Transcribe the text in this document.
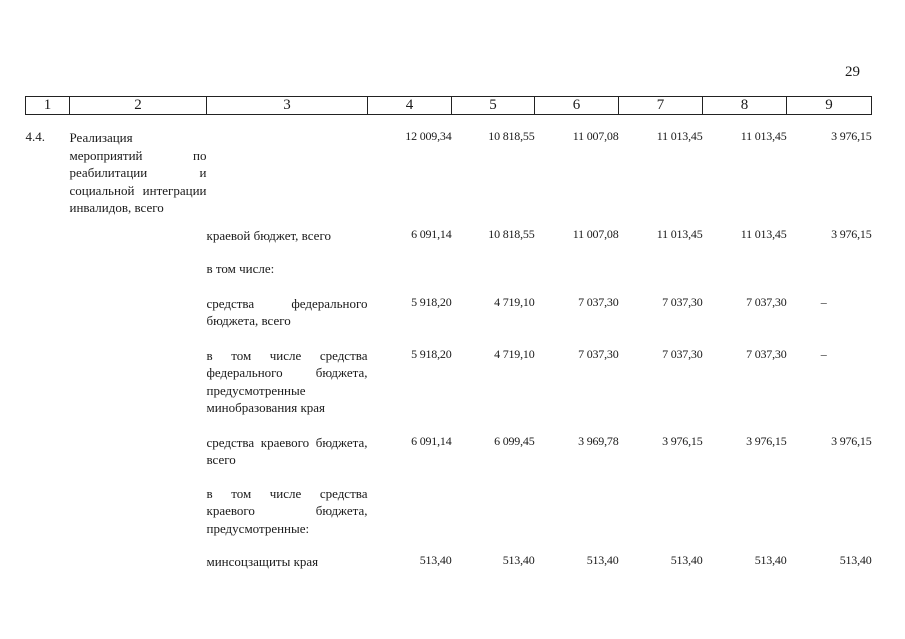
29
1	2	3	4	5	6	7	8	9
4.4.	Реализация мероприятий по реабилитации и социальной интеграции инвалидов, всего		12 009,34	10 818,55	11 007,08	11 013,45	11 013,45	3 976,15
		краевой бюджет, всего	6 091,14	10 818,55	11 007,08	11 013,45	11 013,45	3 976,15
		в том числе:						
		средства федерального бюджета, всего	5 918,20	4 719,10	7 037,30	7 037,30	7 037,30	–
		в том числе средства федерального бюджета, предусмотренные минобразования края	5 918,20	4 719,10	7 037,30	7 037,30	7 037,30	–
		средства краевого бюджета, всего	6 091,14	6 099,45	3 969,78	3 976,15	3 976,15	3 976,15
		в том числе средства краевого бюджета, предусмотренные:						
		минсоцзащиты края	513,40	513,40	513,40	513,40	513,40	513,40
